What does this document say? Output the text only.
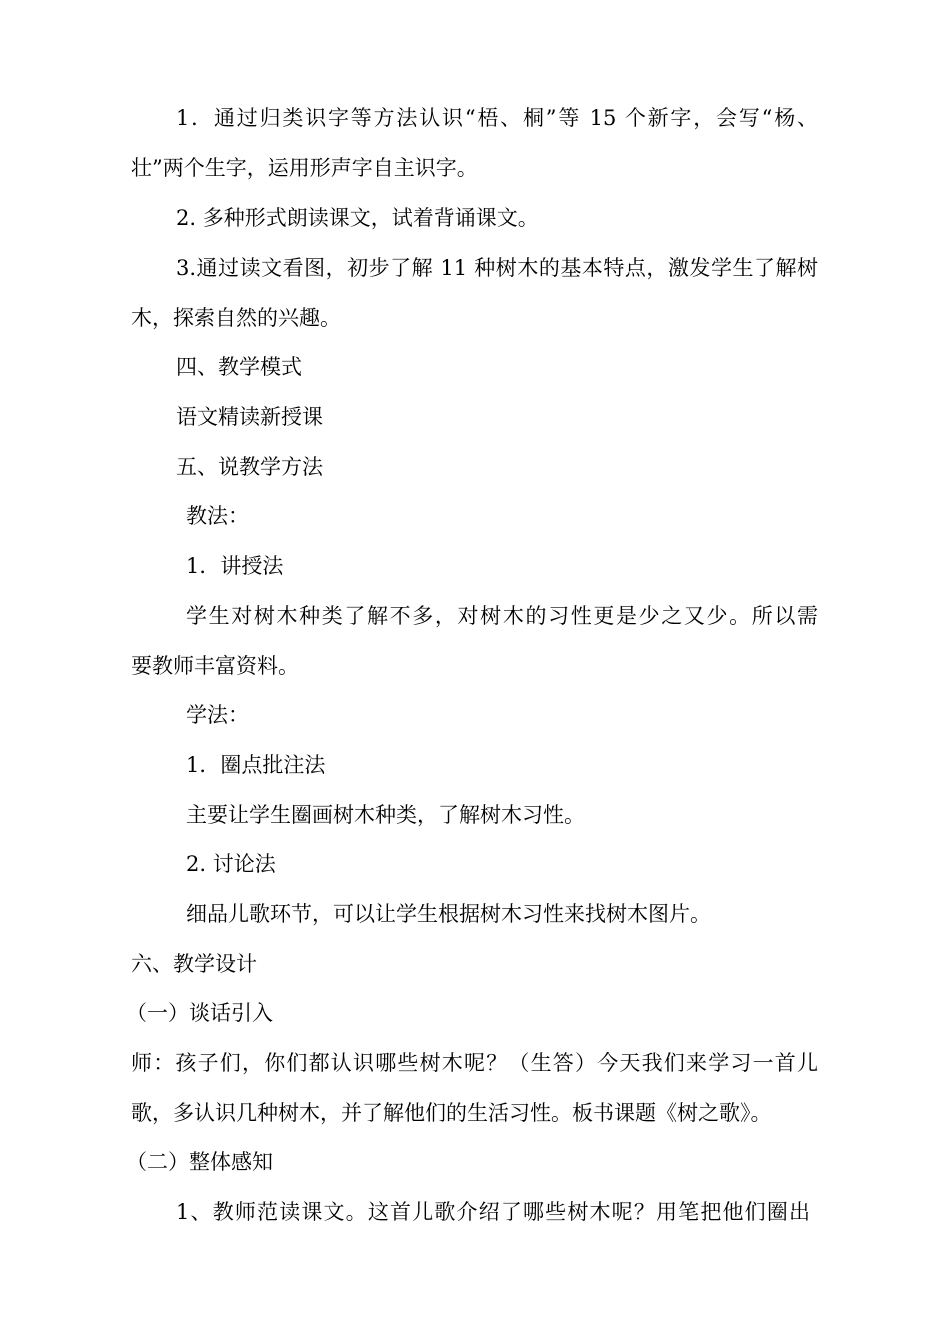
1．通过归类识字等方法认识“梧、桐”等 15 个新字，会写“杨、
壮”两个生字，运用形声字自主识字。
2. 多种形式朗读课文，试着背诵课文。
3.通过读文看图，初步了解 11 种树木的基本特点，激发学生了解树
木，探索自然的兴趣。
四、教学模式
语文精读新授课
五、说教学方法
教法：
1．讲授法
学生对树木种类了解不多，对树木的习性更是少之又少。所以需
要教师丰富资料。
学法：
1．圈点批注法
主要让学生圈画树木种类，了解树木习性。
2. 讨论法
细品儿歌环节，可以让学生根据树木习性来找树木图片。
六、教学设计
（一）谈话引入
师：孩子们，你们都认识哪些树木呢？（生答）今天我们来学习一首儿
歌，多认识几种树木，并了解他们的生活习性。板书课题《树之歌》。
（二）整体感知
1、教师范读课文。这首儿歌介绍了哪些树木呢？用笔把他们圈出
